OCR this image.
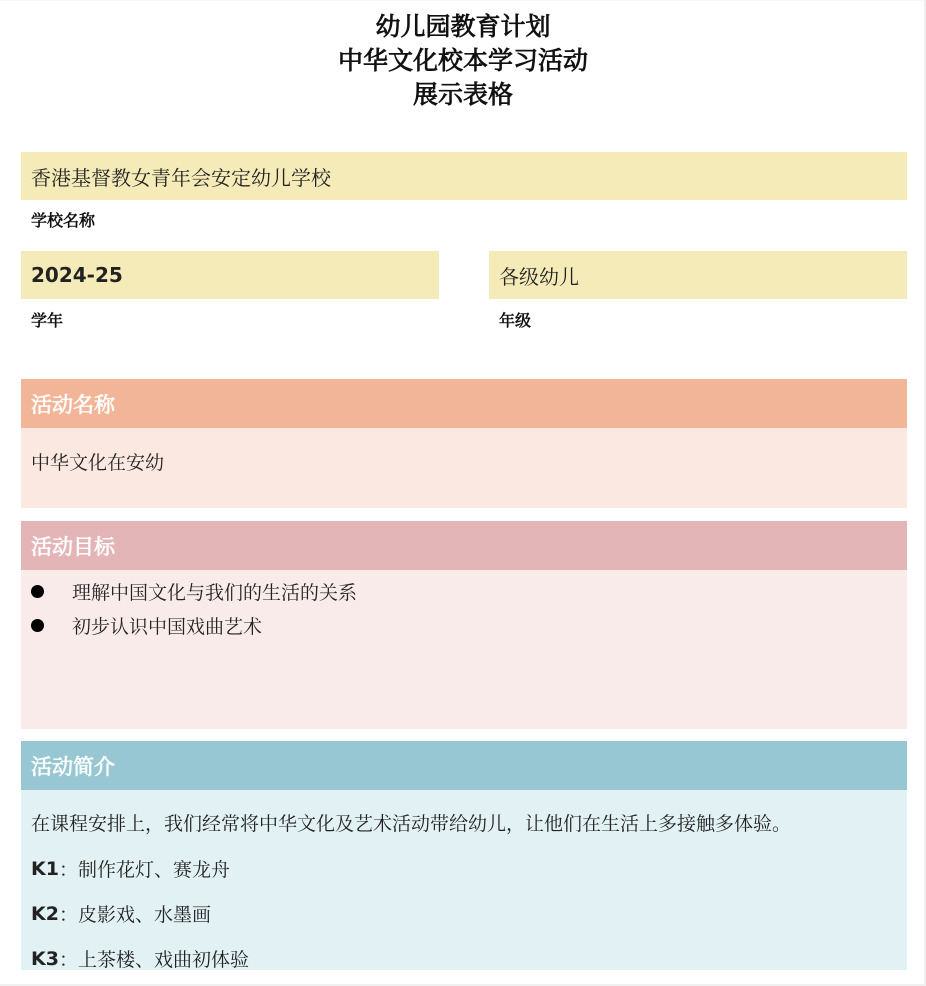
幼儿园教育计划
中华文化校本学习活动
展示表格
香港基督教女青年会安定幼儿学校
学校名称
2024-25
学年
各级幼儿
年级
活动名称
中华文化在安幼
活动目标
理解中国文化与我们的生活的关系
初步认识中国戏曲艺术
活动简介
在课程安排上，我们经常将中华文化及艺术活动带给幼儿，让他们在生活上多接触多体验。
K1 ： 制作花灯、赛龙舟
K2 ： 皮影戏、水墨画
K3 ： 上茶楼、戏曲初体验
